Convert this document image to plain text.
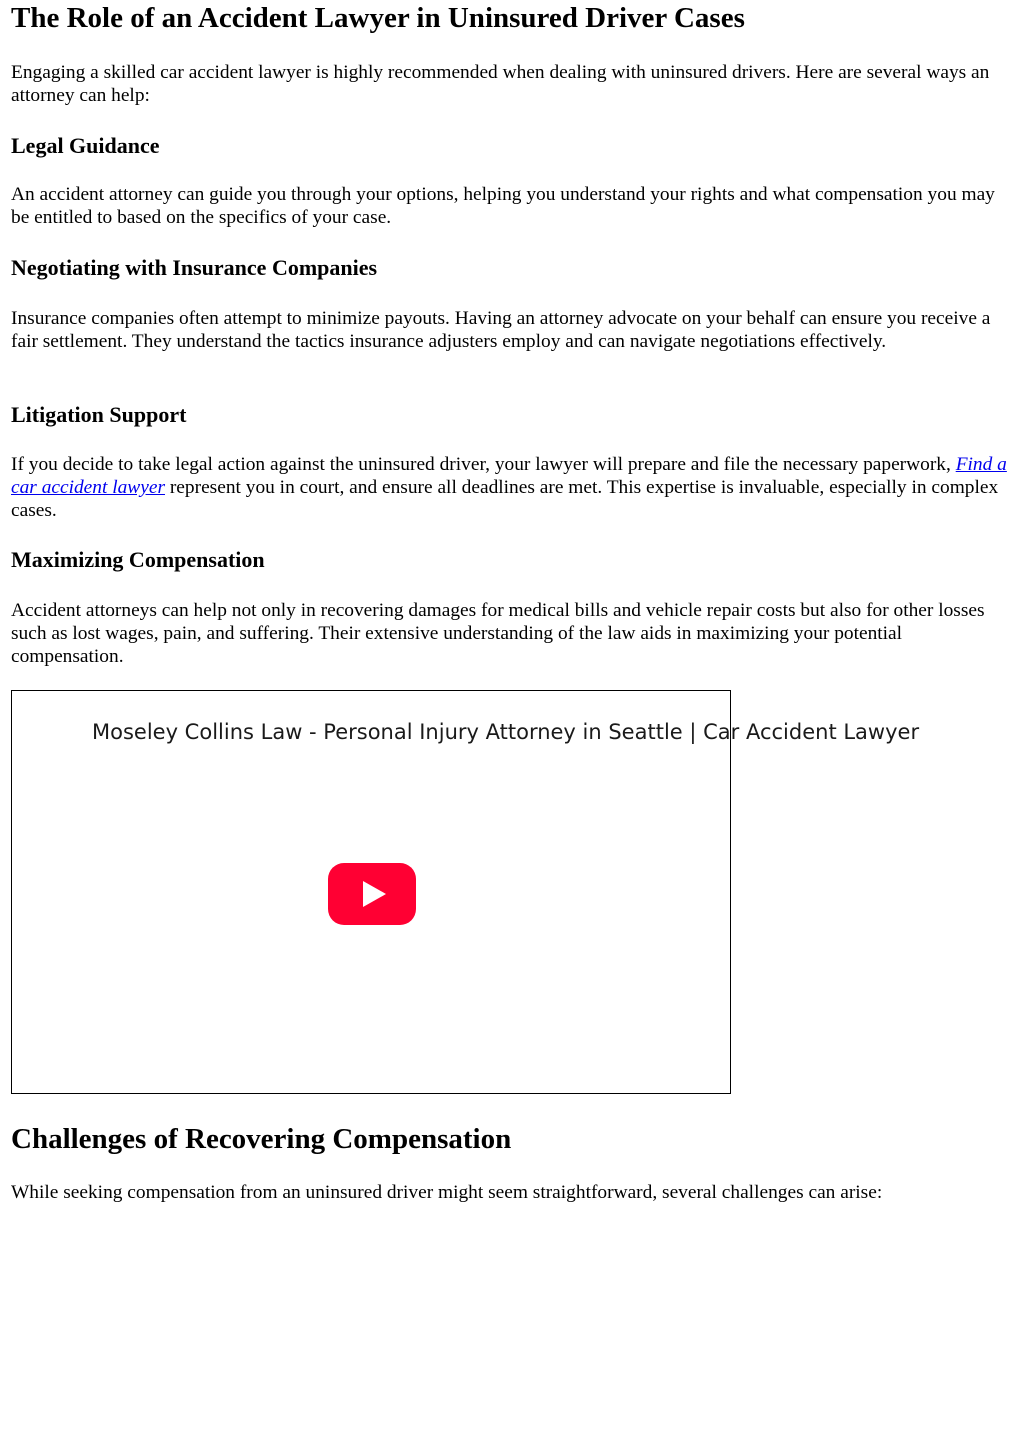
The Role of an Accident Lawyer in Uninsured Driver Cases

Engaging a skilled car accident lawyer is highly recommended when dealing with uninsured drivers. Here are several ways an attorney can help:

Legal Guidance

An accident attorney can guide you through your options, helping you understand your rights and what compensation you may be entitled to based on the specifics of your case.

Negotiating with Insurance Companies

Insurance companies often attempt to minimize payouts. Having an attorney advocate on your behalf can ensure you receive a fair settlement. They understand the tactics insurance adjusters employ and can navigate negotiations effectively.

Litigation Support

If you decide to take legal action against the uninsured driver, your lawyer will prepare and file the necessary paperwork, Find a car accident lawyer represent you in court, and ensure all deadlines are met. This expertise is invaluable, especially in complex cases.

Maximizing Compensation

Accident attorneys can help not only in recovering damages for medical bills and vehicle repair costs but also for other losses such as lost wages, pain, and suffering. Their extensive understanding of the law aids in maximizing your potential compensation.

Moseley Collins Law - Personal Injury Attorney in Seattle | Car Accident Lawyer
Challenges of Recovering Compensation

While seeking compensation from an uninsured driver might seem straightforward, several challenges can arise:
